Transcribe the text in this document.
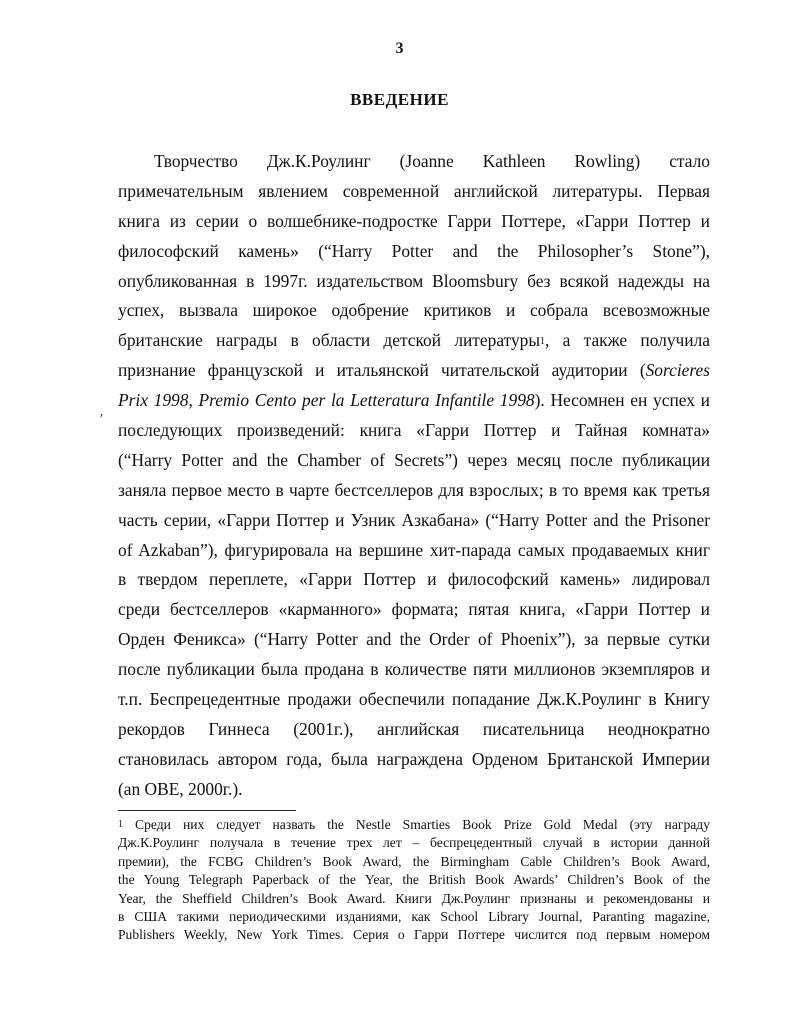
3
ВВЕДЕНИЕ
’
Творчество Дж.К.Роулинг (Joanne Kathleen Rowling) стало
примечательным явлением современной английской литературы. Первая
книга из серии о волшебнике-подростке Гарри Поттере, «Гарри Поттер и
философский камень» (“Harry Potter and the Philosopher’s Stone”),
опубликованная в 1997г. издательством Bloomsbury без всякой надежды на
успех, вызвала широкое одобрение критиков и собрала всевозможные
британские награды в области детской литературы$^1$, а также получила
признание французской и итальянской читательской аудитории (Sorcieres
Prix 1998, Premio Cento per la Letteratura Infantile 1998). Несомнен ен успех и
последующих произведений: книга «Гарри Поттер и Тайная комната»
(“Harry Potter and the Chamber of Secrets”) через месяц после публикации
заняла первое место в чарте бестселлеров для взрослых; в то время как третья
часть серии, «Гарри Поттер и Узник Азкабана» (“Harry Potter and the Prisoner
of Azkaban”), фигурировала на вершине хит-парада самых продаваемых книг
в твердом переплете, «Гарри Поттер и философский камень» лидировал
среди бестселлеров «карманного» формата; пятая книга, «Гарри Поттер и
Орден Феникса» (“Harry Potter and the Order of Phoenix”), за первые сутки
после публикации была продана в количестве пяти миллионов экземпляров и
т.п. Беспрецедентные продажи обеспечили попадание Дж.К.Роулинг в Книгу
рекордов Гиннеса (2001г.), английская писательница неоднократно
становилась автором года, была награждена Орденом Британской Империи
(an OBE, 2000г.).
$^1$ Среди них следует назвать the Nestle Smarties Book Prize Gold Medal (эту награду
Дж.К.Роулинг получала в течение трех лет – беспрецедентный случай в истории данной
премии), the FCBG Children’s Book Award, the Birmingham Cable Children’s Book Award,
the Young Telegraph Paperback of the Year, the British Book Awards’ Children’s Book of the
Year, the Sheffield Children’s Book Award. Книги Дж.Роулинг признаны и рекомендованы и
в США такими периодическими изданиями, как School Library Journal, Paranting magazine,
Publishers Weekly, New York Times. Серия о Гарри Поттере числится под первым номером
